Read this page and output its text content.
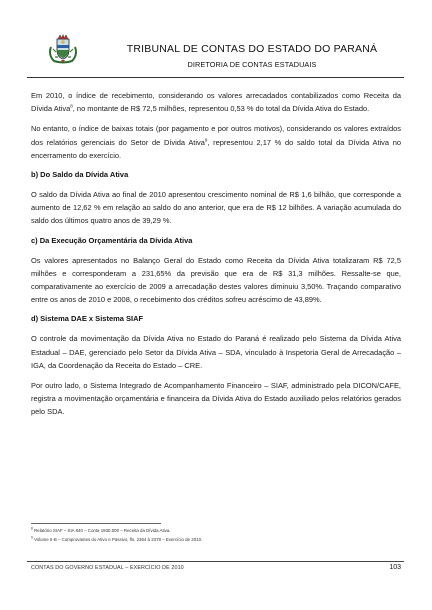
TRIBUNAL DE CONTAS DO ESTADO DO PARANÁ
DIRETORIA DE CONTAS ESTADUAIS

Em 2010, o índice de recebimento, considerando os valores arrecadados contabilizados como Receita da Dívida Ativa$^8$, no montante de R$ 72,5 milhões, representou 0,53 % do total da Dívida Ativa do Estado.

No entanto, o índice de baixas totais (por pagamento e por outros motivos), considerando os valores extraídos dos relatórios gerenciais do Setor de Dívida Ativa$^9$, representou 2,17 % do saldo total da Dívida Ativa no encerramento do exercício.

b) Do Saldo da Dívida Ativa

O saldo da Dívida Ativa ao final de 2010 apresentou crescimento nominal de R$ 1,6 bilhão, que corresponde a aumento de 12,62 % em relação ao saldo do ano anterior, que era de R$ 12 bilhões. A variação acumulada do saldo dos últimos quatro anos de 39,29 %.

c) Da Execução Orçamentária da Dívida Ativa

Os valores apresentados no Balanço Geral do Estado como Receita da Dívida Ativa totalizaram R$ 72,5 milhões e corresponderam a 231,65% da previsão que era de R$ 31,3 milhões. Ressalte-se que, comparativamente ao exercício de 2009 a arrecadação destes valores diminuiu 3,50%. Traçando comparativo entre os anos de 2010 e 2008, o recebimento dos créditos sofreu acréscimo de 43,89%.

d) Sistema DAE x Sistema SIAF

O controle da movimentação da Dívida Ativa no Estado do Paraná é realizado pelo Sistema da Dívida Ativa Estadual – DAE, gerenciado pelo Setor da Dívida Ativa – SDA, vinculado à Inspetoria Geral de Arrecadação – IGA, da Coordenação da Receita do Estado – CRE.

Por outro lado, o Sistema Integrado de Acompanhamento Financeiro – SIAF, administrado pela DICON/CAFE, registra a movimentação orçamentária e financeira da Dívida Ativa do Estado auxiliado pelos relatórios gerados pelo SDA.

$^8$ Relatório SIAF – SIA 840 – Conta 1930.000 – Receita da Dívida Ativa.
$^9$ Volume II-B – Comprovantes do Ativo e Passivo, fls. 2364 à 2378 – Exercício de 2010.
CONTAS DO GOVERNO ESTADUAL – EXERCÍCIO DE 2010	103
